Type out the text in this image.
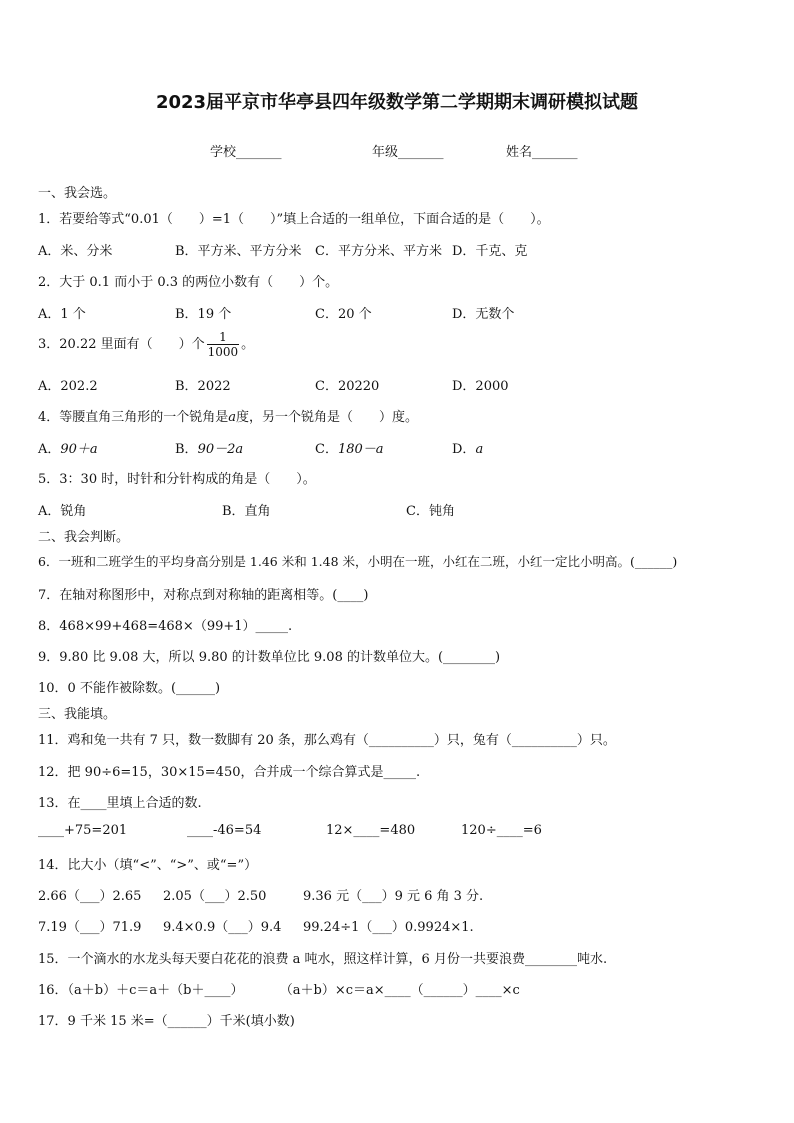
2023届平京市华亭县四年级数学第二学期期末调研模拟试题
学校_______	年级_______	姓名_______
一、我会选。
1．若要给等式“0.01（　　）=1（　　）”填上合适的一组单位，下面合适的是（　　）。
A．米、分米	B．平方米、平方分米 C．平方分米、平方米 D．千克、克
2．大于 0.1 而小于 0.3 的两位小数有（　　）个。
A．1 个	B．19 个	C．20 个	D．无数个
3．20.22 里面有（　　）个 $\frac{1}{1000}$ 。
A．202.2	B．2022	C．20220	D．2000
4．等腰直角三角形的一个锐角是a度，另一个锐角是（　　）度。
A．90＋a	B．90－2a	C．180－a	D．a
5．3：30 时，时针和分针构成的角是（　　）。
A．锐角	B．直角	C．钝角
二、我会判断。
6．一班和二班学生的平均身高分别是 1.46 米和 1.48 米，小明在一班，小红在二班，小红一定比小明高。(______)
7．在轴对称图形中，对称点到对称轴的距离相等。(____)
8．468×99+468=468×（99+1）_____.
9．9.80 比 9.08 大，所以 9.80 的计数单位比 9.08 的计数单位大。(________)
10．0 不能作被除数。(______)
三、我能填。
11．鸡和兔一共有 7 只，数一数脚有 20 条，那么鸡有（__________）只，兔有（__________）只。
12．把 90÷6=15，30×15=450，合并成一个综合算式是_____.
13．在____里填上合适的数.
____+75=201	____-46=54	12×____=480	120÷____=6
14．比大小（填“<”、“>”、或“=”）
2.66（___）2.65 2.05（___）2.50	9.36 元（___）9 元 6 角 3 分.
7.19（___）71.9 9.4×0.9（___）9.4 99.24÷1（___）0.9924×1.
15．一个滴水的水龙头每天要白花花的浪费 a 吨水，照这样计算，6 月份一共要浪费________吨水.
16．（a＋b）＋c＝a＋（b＋____）	（a＋b）×c＝a×____（______）____×c
17．9 千米 15 米=（______）千米(填小数)
